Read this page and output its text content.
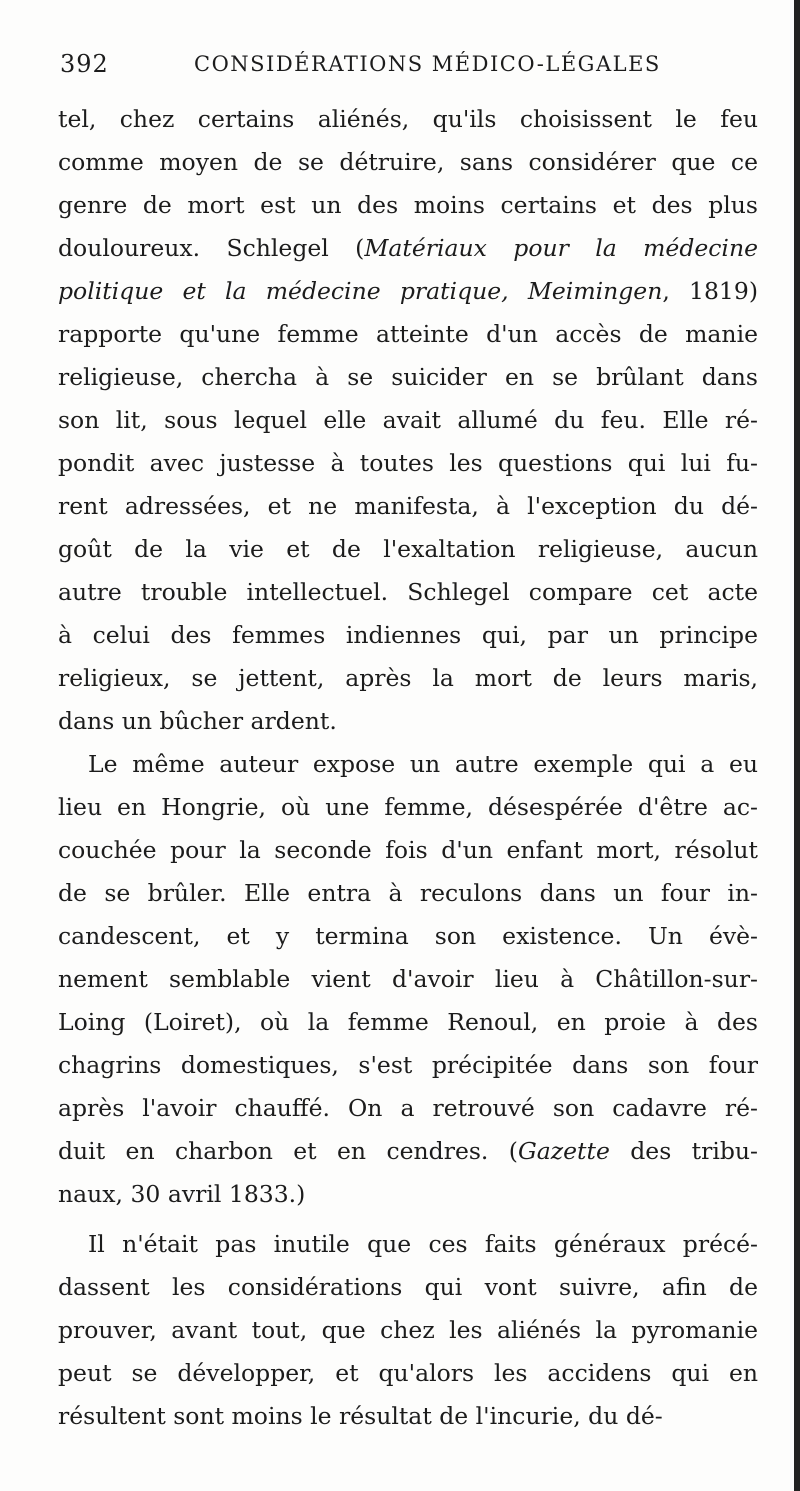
392	CONSIDÉRATIONS MÉDICO-LÉGALES
tel, chez certains aliénés, qu'ils choisissent le feu
comme moyen de se détruire, sans considérer que ce
genre de mort est un des moins certains et des plus
douloureux. Schlegel (Matériaux pour la médecine
politique et la médecine pratique, Meimingen, 1819)
rapporte qu'une femme atteinte d'un accès de manie
religieuse, chercha à se suicider en se brûlant dans
son lit, sous lequel elle avait allumé du feu. Elle ré-
pondit avec justesse à toutes les questions qui lui fu-
rent adressées, et ne manifesta, à l'exception du dé-
goût de la vie et de l'exaltation religieuse, aucun
autre trouble intellectuel. Schlegel compare cet acte
à celui des femmes indiennes qui, par un principe
religieux, se jettent, après la mort de leurs maris,
dans un bûcher ardent.
Le même auteur expose un autre exemple qui a eu
lieu en Hongrie, où une femme, désespérée d'être ac-
couchée pour la seconde fois d'un enfant mort, résolut
de se brûler. Elle entra à reculons dans un four in-
candescent, et y termina son existence. Un évè-
nement semblable vient d'avoir lieu à Châtillon-sur-
Loing (Loiret), où la femme Renoul, en proie à des
chagrins domestiques, s'est précipitée dans son four
après l'avoir chauffé. On a retrouvé son cadavre ré-
duit en charbon et en cendres. (Gazette des tribu-
naux, 30 avril 1833.)
Il n'était pas inutile que ces faits généraux précé-
dassent les considérations qui vont suivre, afin de
prouver, avant tout, que chez les aliénés la pyromanie
peut se développer, et qu'alors les accidens qui en
résultent sont moins le résultat de l'incurie, du dé-
